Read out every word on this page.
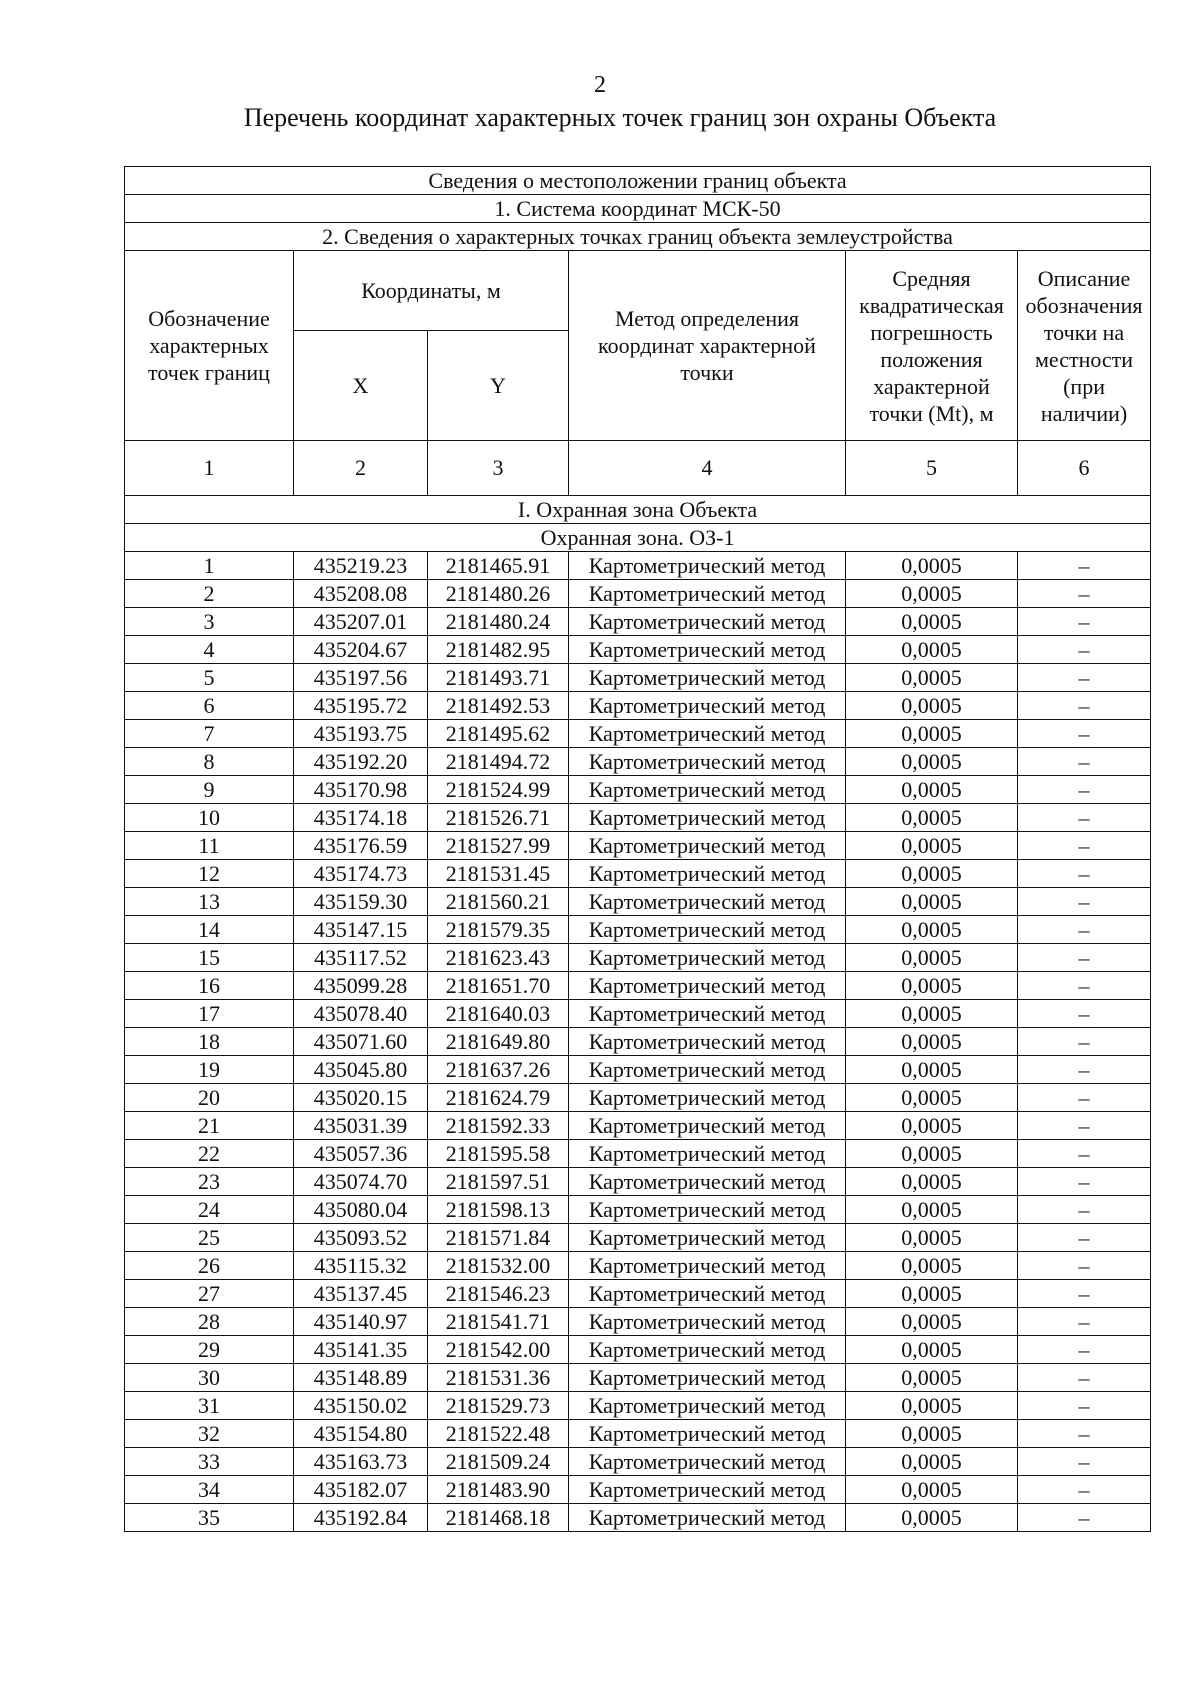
2
Перечень координат характерных точек границ зон охраны Объекта
Сведения о местоположении границ объекта					
1. Система координат МСК-50					
2. Сведения о характерных точках границ объекта землеустройства					
Обозначение характерных точек границ	Координаты, м		Метод определения координат характерной точки	Средняя квадратическая погрешность положения характерной точки (Mt), м	Описание обозначения точки на местности (при наличии)
	X	Y			
1	2	3	4	5	6
I. Охранная зона Объекта					
Охранная зона. ОЗ-1					
1	435219.23	2181465.91	Картометрический метод	0,0005	–
2	435208.08	2181480.26	Картометрический метод	0,0005	–
3	435207.01	2181480.24	Картометрический метод	0,0005	–
4	435204.67	2181482.95	Картометрический метод	0,0005	–
5	435197.56	2181493.71	Картометрический метод	0,0005	–
6	435195.72	2181492.53	Картометрический метод	0,0005	–
7	435193.75	2181495.62	Картометрический метод	0,0005	–
8	435192.20	2181494.72	Картометрический метод	0,0005	–
9	435170.98	2181524.99	Картометрический метод	0,0005	–
10	435174.18	2181526.71	Картометрический метод	0,0005	–
11	435176.59	2181527.99	Картометрический метод	0,0005	–
12	435174.73	2181531.45	Картометрический метод	0,0005	–
13	435159.30	2181560.21	Картометрический метод	0,0005	–
14	435147.15	2181579.35	Картометрический метод	0,0005	–
15	435117.52	2181623.43	Картометрический метод	0,0005	–
16	435099.28	2181651.70	Картометрический метод	0,0005	–
17	435078.40	2181640.03	Картометрический метод	0,0005	–
18	435071.60	2181649.80	Картометрический метод	0,0005	–
19	435045.80	2181637.26	Картометрический метод	0,0005	–
20	435020.15	2181624.79	Картометрический метод	0,0005	–
21	435031.39	2181592.33	Картометрический метод	0,0005	–
22	435057.36	2181595.58	Картометрический метод	0,0005	–
23	435074.70	2181597.51	Картометрический метод	0,0005	–
24	435080.04	2181598.13	Картометрический метод	0,0005	–
25	435093.52	2181571.84	Картометрический метод	0,0005	–
26	435115.32	2181532.00	Картометрический метод	0,0005	–
27	435137.45	2181546.23	Картометрический метод	0,0005	–
28	435140.97	2181541.71	Картометрический метод	0,0005	–
29	435141.35	2181542.00	Картометрический метод	0,0005	–
30	435148.89	2181531.36	Картометрический метод	0,0005	–
31	435150.02	2181529.73	Картометрический метод	0,0005	–
32	435154.80	2181522.48	Картометрический метод	0,0005	–
33	435163.73	2181509.24	Картометрический метод	0,0005	–
34	435182.07	2181483.90	Картометрический метод	0,0005	–
35	435192.84	2181468.18	Картометрический метод	0,0005	–
